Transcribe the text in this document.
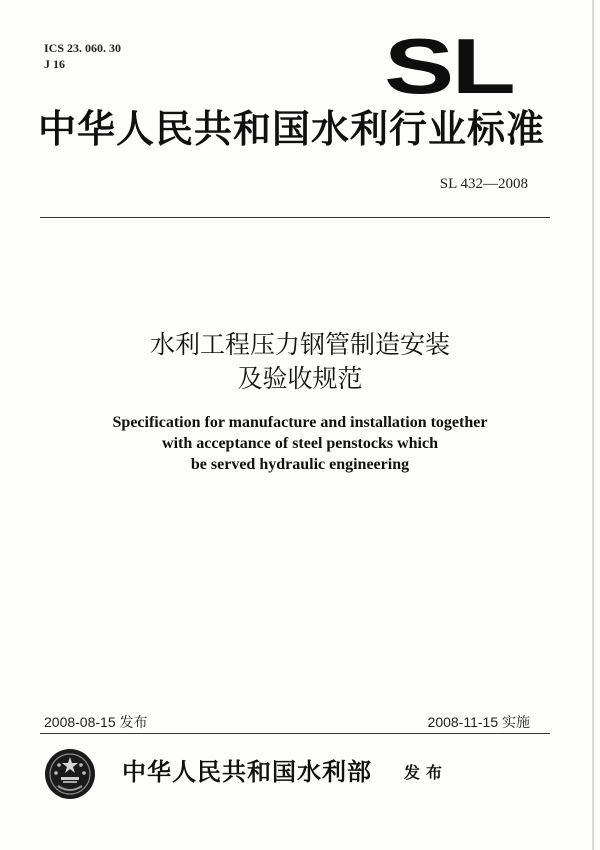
ICS 23. 060. 30
J 16	SL
中华人民共和国水利行业标准
SL 432—2008
水利工程压力钢管制造安装
及验收规范
Specification for manufacture and installation together
with acceptance of steel penstocks which
be served hydraulic engineering
2008-08-15 发布	2008-11-15 实施
中华人民共和国水利部 发布
